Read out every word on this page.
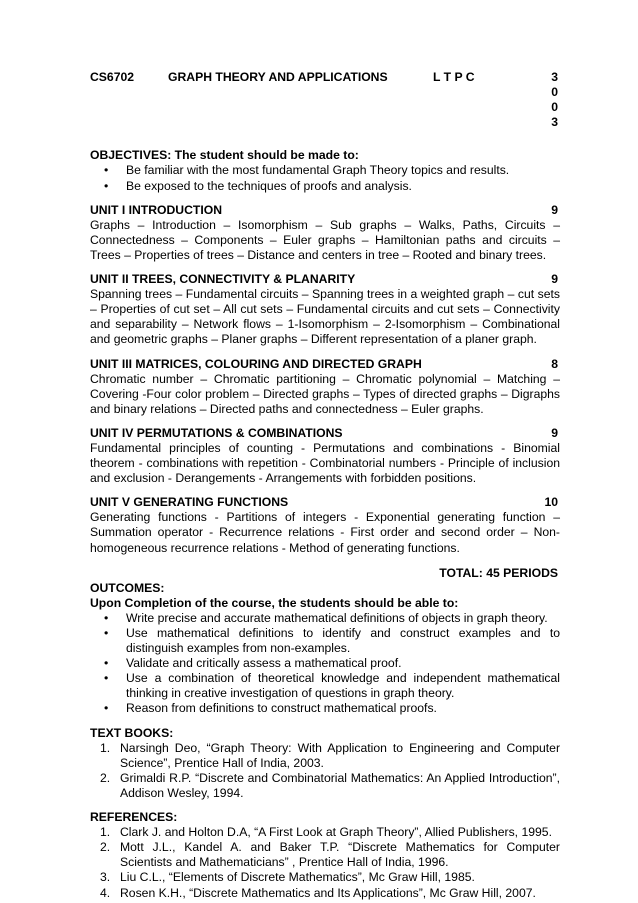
CS6702	GRAPH THEORY AND APPLICATIONS	L T P C	3 0 0 3

OBJECTIVES: The student should be made to:

• Be familiar with the most fundamental Graph Theory topics and results.
• Be exposed to the techniques of proofs and analysis.
UNIT I INTRODUCTION	9

Graphs – Introduction – Isomorphism – Sub graphs – Walks, Paths, Circuits – Connectedness – Components – Euler graphs – Hamiltonian paths and circuits – Trees – Properties of trees – Distance and centers in tree – Rooted and binary trees.

UNIT II TREES, CONNECTIVITY & PLANARITY	9

Spanning trees – Fundamental circuits – Spanning trees in a weighted graph – cut sets – Properties of cut set – All cut sets – Fundamental circuits and cut sets – Connectivity and separability – Network flows – 1-Isomorphism – 2-Isomorphism – Combinational and geometric graphs – Planer graphs – Different representation of a planer graph.

UNIT III MATRICES, COLOURING AND DIRECTED GRAPH	8

Chromatic number – Chromatic partitioning – Chromatic polynomial – Matching – Covering -Four color problem – Directed graphs – Types of directed graphs – Digraphs and binary relations – Directed paths and connectedness – Euler graphs.

UNIT IV PERMUTATIONS & COMBINATIONS	9

Fundamental principles of counting - Permutations and combinations - Binomial theorem - combinations with repetition - Combinatorial numbers - Principle of inclusion and exclusion - Derangements - Arrangements with forbidden positions.

UNIT V GENERATING FUNCTIONS	10

Generating functions - Partitions of integers - Exponential generating function – Summation operator - Recurrence relations - First order and second order – Non-homogeneous recurrence relations - Method of generating functions.

TOTAL: 45 PERIODS

OUTCOMES:

Upon Completion of the course, the students should be able to:

• Write precise and accurate mathematical definitions of objects in graph theory.
• Use mathematical definitions to identify and construct examples and to distinguish examples from non-examples.
• Validate and critically assess a mathematical proof.
• Use a combination of theoretical knowledge and independent mathematical thinking in creative investigation of questions in graph theory.
• Reason from definitions to construct mathematical proofs.

TEXT BOOKS:

1. Narsingh Deo, “Graph Theory: With Application to Engineering and Computer Science”, Prentice Hall of India, 2003.
2. Grimaldi R.P. “Discrete and Combinatorial Mathematics: An Applied Introduction”, Addison Wesley, 1994.

REFERENCES:

1. Clark J. and Holton D.A, “A First Look at Graph Theory”, Allied Publishers, 1995.
2. Mott J.L., Kandel A. and Baker T.P. “Discrete Mathematics for Computer Scientists and Mathematicians” , Prentice Hall of India, 1996.
3. Liu C.L., “Elements of Discrete Mathematics”, Mc Graw Hill, 1985.
4. Rosen K.H., “Discrete Mathematics and Its Applications”, Mc Graw Hill, 2007.
